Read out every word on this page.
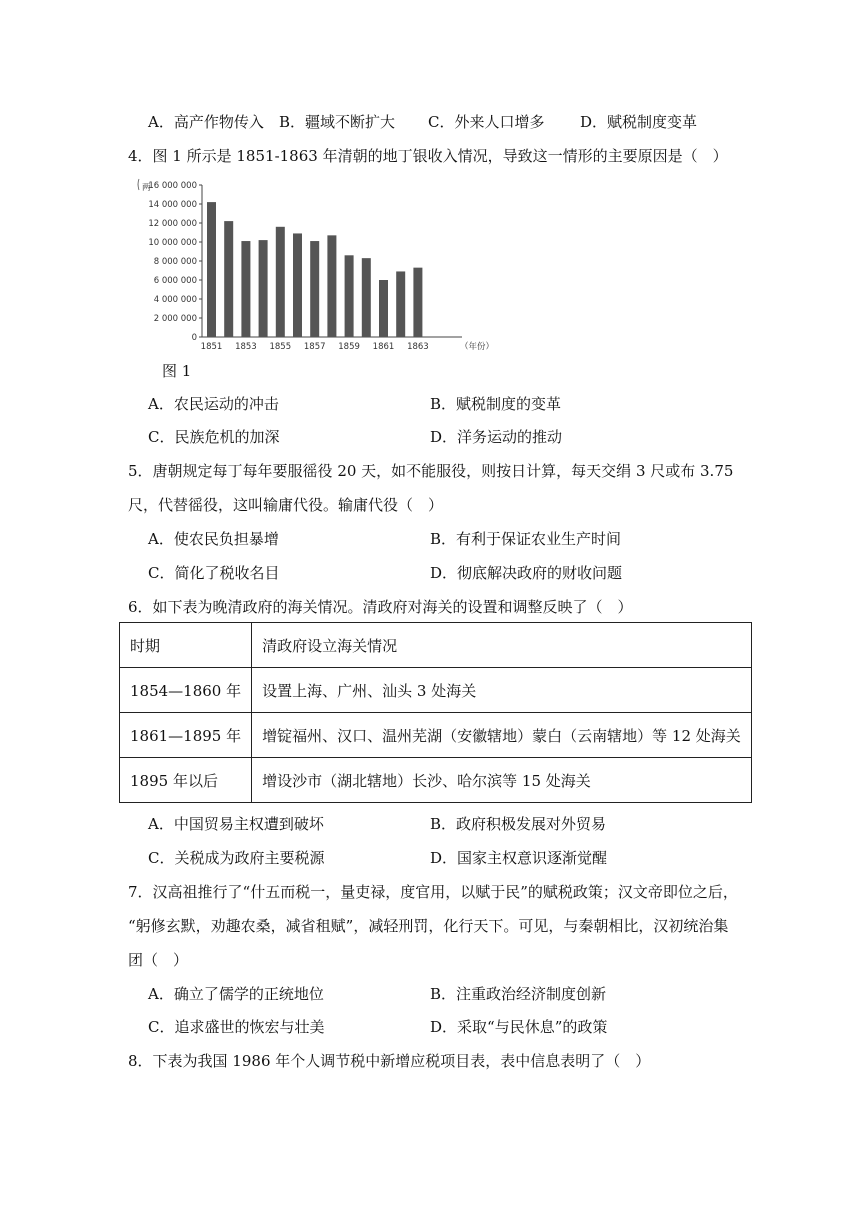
A．高产作物传入 B．疆域不断扩大 C．外来人口增多 D．赋税制度变革
4．图 1 所示是 1851-1863 年清朝的地丁银收入情况，导致这一情形的主要原因是（　）
0
2 000 000
4 000 000
6 000 000
8 000 000
10 000 000
12 000 000
14 000 000
16 000 000
两
1851 1853 1855 1857 1859 1861 1863	（年份）
图 1
A．农民运动的冲击	B．赋税制度的变革
C．民族危机的加深	D．洋务运动的推动
5．唐朝规定每丁每年要服徭役 20 天，如不能服役，则按日计算，每天交绢 3 尺或布 3.75
尺，代替徭役，这叫输庸代役。输庸代役（　）
A．使农民负担暴增	B．有利于保证农业生产时间
C．简化了税收名目	D．彻底解决政府的财收问题
6．如下表为晚清政府的海关情况。清政府对海关的设置和调整反映了（　）
时期	清政府设立海关情况
1854—1860 年	设置上海、广州、汕头 3 处海关
1861—1895 年	增锭福州、汉口、温州芜湖（安徽辖地）蒙白（云南辖地）等 12 处海关
1895 年以后	增设沙市（湖北辖地）长沙、哈尔滨等 15 处海关
A．中国贸易主权遭到破坏	B．政府积极发展对外贸易
C．关税成为政府主要税源	D．国家主权意识逐渐觉醒
7．汉高祖推行了“什五而税一，量吏禄，度官用，以赋于民”的赋税政策；汉文帝即位之后，
“躬修玄默，劝趣农桑，减省租赋”，减轻刑罚，化行天下。可见，与秦朝相比，汉初统治集
团（　）
A．确立了儒学的正统地位	B．注重政治经济制度创新
C．追求盛世的恢宏与壮美	D．采取“与民休息”的政策
8．下表为我国 1986 年个人调节税中新增应税项目表，表中信息表明了（　）
